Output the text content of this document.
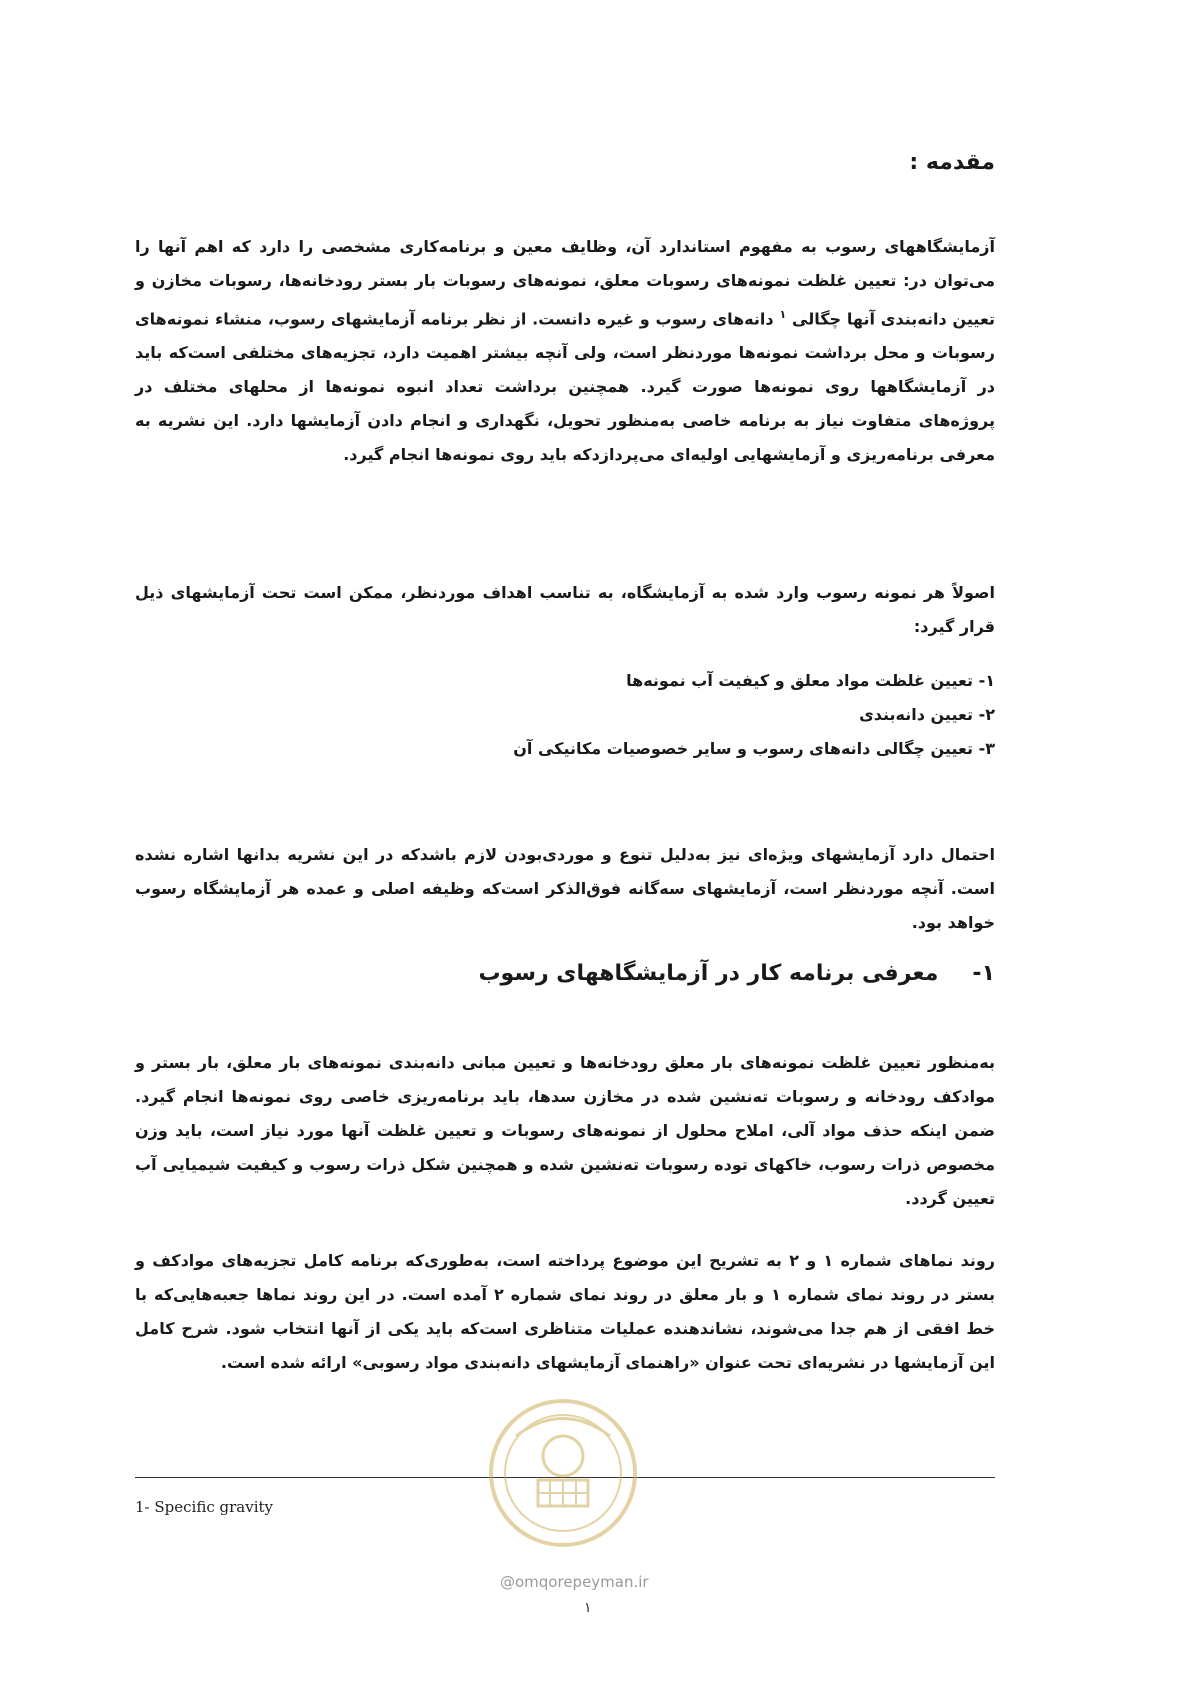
مقدمه :
آزمایشگاههای رسوب به مفهوم استاندارد آن، وظایف معین و برنامه‌کاری مشخصی را دارد که اهم آنها را می‌توان در: تعیین غلظت نمونه‌های رسوبات معلق، نمونه‌های رسوبات بار بستر رودخانه‌ها، رسوبات مخازن و تعیین دانه‌بندی آنها چگالی $^۱$ دانه‌های رسوب و غیره دانست. از نظر برنامه آزمایشهای رسوب، منشاء نمونه‌های رسوبات و محل برداشت نمونه‌ها موردنظر است، ولی آنچه بیشتر اهمیت دارد، تجزیه‌های مختلفی است‌که باید در آزمایشگاهها روی نمونه‌ها صورت گیرد. همچنین برداشت تعداد انبوه نمونه‌ها از محلهای مختلف در پروژه‌های متفاوت نیاز به برنامه خاصی به‌منظور تحویل، نگهداری و انجام دادن آزمایشها دارد. این نشریه به معرفی برنامه‌ریزی و آزمایشهایی اولیه‌ای می‌پردازد‌که باید روی نمونه‌ها انجام گیرد.
اصولاً هر نمونه رسوب وارد شده به آزمایشگاه، به تناسب اهداف موردنظر، ممکن است تحت آزمایشهای ذیل قرار گیرد:
۱- تعیین غلظت مواد معلق و کیفیت آب نمونه‌ها
۲- تعیین دانه‌بندی
۳- تعیین چگالی دانه‌های رسوب و سایر خصوصیات مکانیکی آن
احتمال دارد آزمایشهای ویژه‌ای نیز به‌دلیل تنوع و موردی‌بودن لازم باشد‌که در این نشریه بدانها اشاره نشده است. آنچه موردنظر است، آزمایشهای سه‌گانه فوق‌الذکر است‌که وظیفه اصلی و عمده هر آزمایشگاه رسوب خواهد بود.
۱-معرفی برنامه کار در آزمایشگاههای رسوب
به‌منظور تعیین غلظت نمونه‌های بار معلق رودخانه‌ها و تعیین مبانی دانه‌بندی نمونه‌های بار معلق، بار بستر و مواد‌کف رودخانه و رسوبات ته‌نشین شده در مخازن سدها، باید برنامه‌ریزی خاصی روی نمونه‌ها انجام گیرد. ضمن اینکه حذف مواد آلی، املاح محلول از نمونه‌های رسوبات و تعیین غلظت آنها مورد نیاز است، باید وزن مخصوص ذرات رسوب، خاکهای توده رسوبات ته‌نشین شده و همچنین شکل ذرات رسوب و کیفیت شیمیایی آب تعیین گردد.
روند نماهای شماره ۱ و ۲ به تشریح این موضوع پرداخته است، به‌طوری‌که برنامه کامل تجزیه‌های مواد‌کف و بستر در روند نمای شماره ۱ و بار معلق در روند نمای شماره ۲ آمده است. در این روند نماها جعبه‌هایی‌که با خط افقی از هم جدا می‌شوند، نشاندهنده عملیات متناظری است‌که باید یکی از آنها انتخاب شود. شرح کامل این آزمایشها در نشریه‌ای تحت عنوان «راهنمای آزمایشهای دانه‌بندی مواد رسوبی» ارائه شده است.
1- Specific gravity
@omqorepeyman.ir
۱
